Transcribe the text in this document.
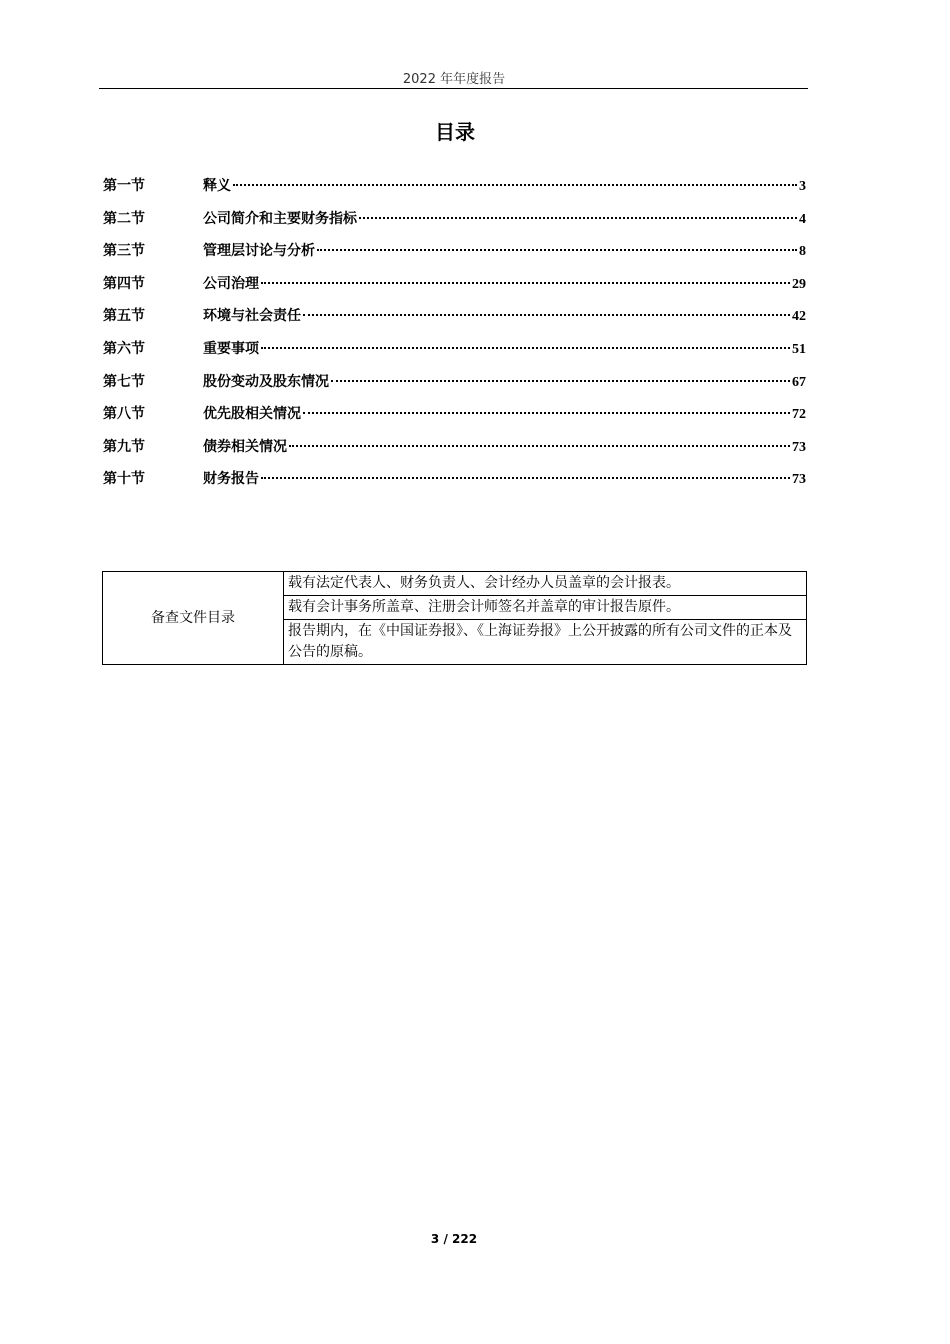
2022 年年度报告
目录
第一节	释义	3
第二节	公司简介和主要财务指标	4
第三节	管理层讨论与分析	8
第四节	公司治理	29
第五节	环境与社会责任	42
第六节	重要事项	51
第七节	股份变动及股东情况	67
第八节	优先股相关情况	72
第九节	债券相关情况	73
第十节	财务报告	73
备查文件目录	载有法定代表人、财务负责人、会计经办人员盖章的会计报表。
载有会计事务所盖章、注册会计师签名并盖章的审计报告原件。
报告期内，在《中国证券报》、《上海证券报》上公开披露的所有公司文件的正本及公告的原稿。
3 / 222
